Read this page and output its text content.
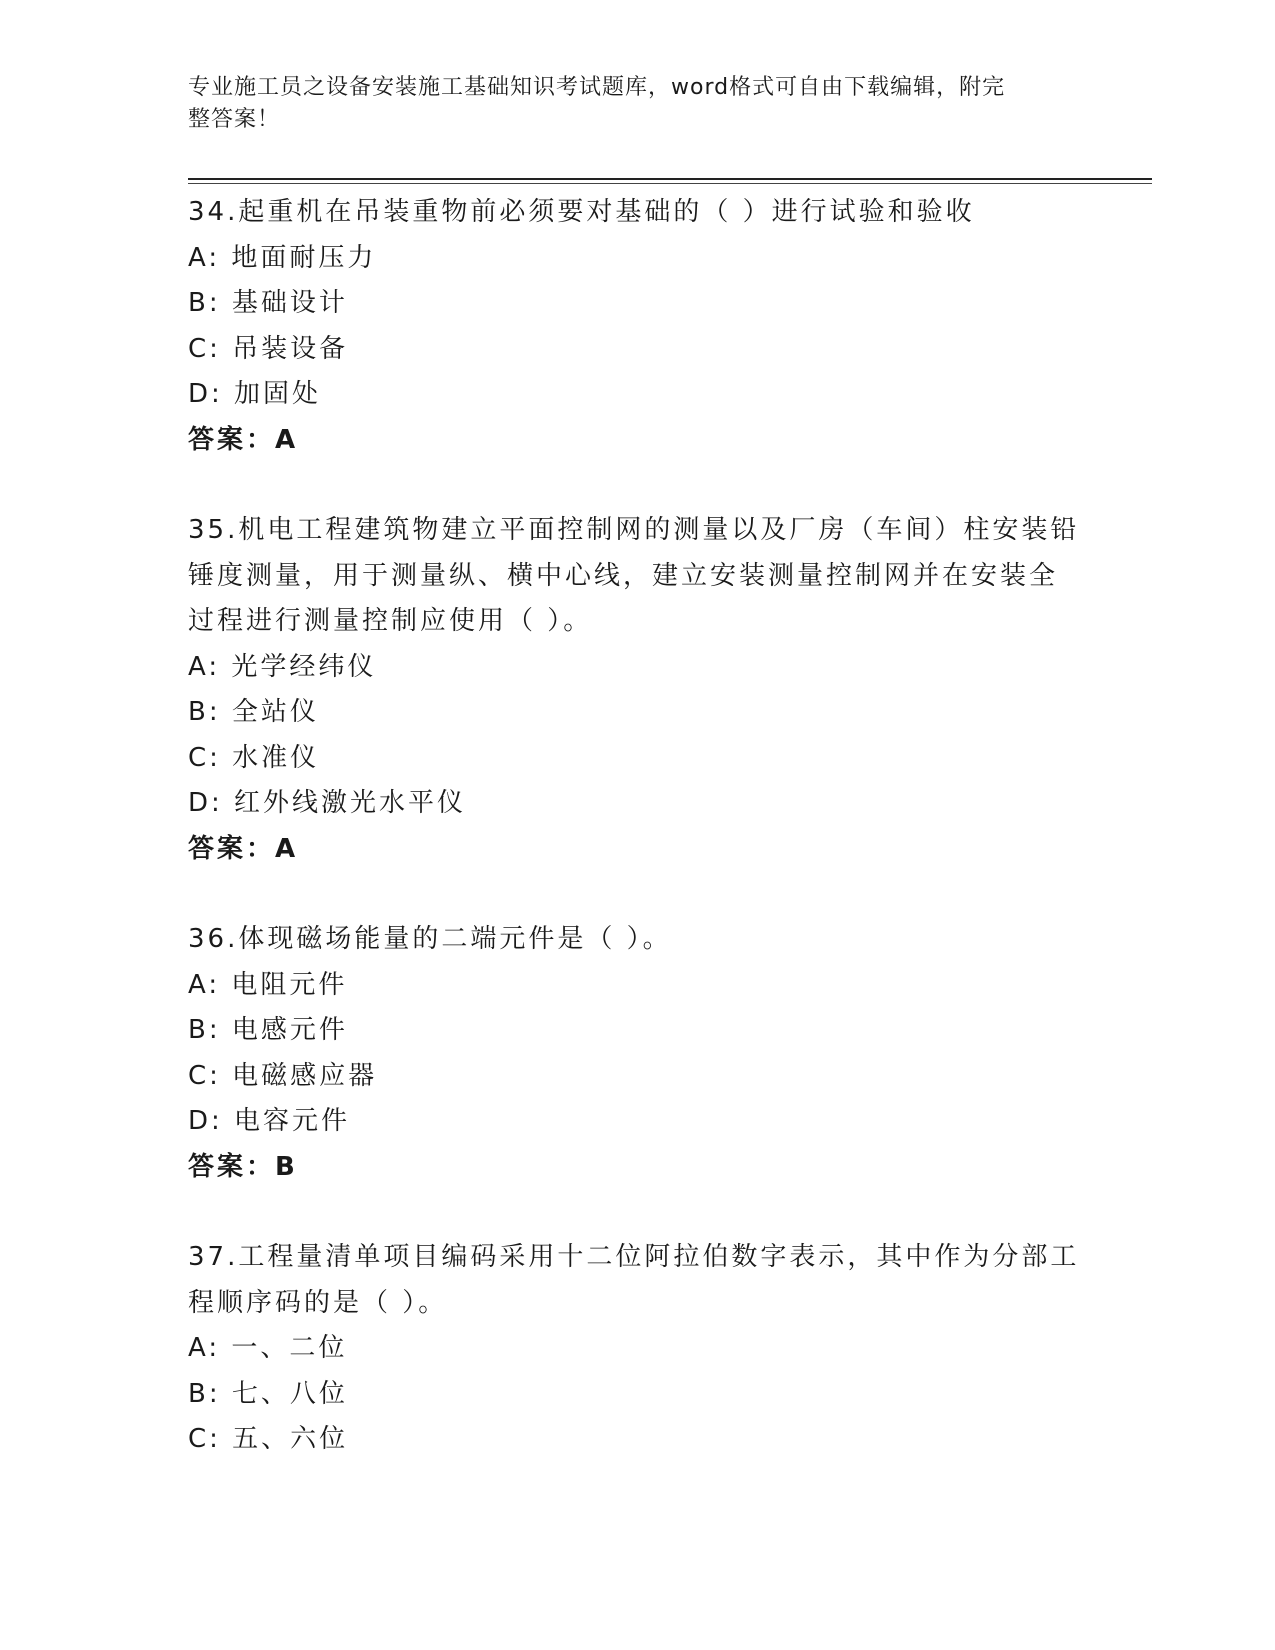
专业施工员之设备安装施工基础知识考试题库，word格式可自由下载编辑，附完
整答案！
34.起重机在吊装重物前必须要对基础的（ ）进行试验和验收
A: 地面耐压力
B: 基础设计
C: 吊装设备
D: 加固处
答案：A
35.机电工程建筑物建立平面控制网的测量以及厂房（车间）柱安装铅
锤度测量，用于测量纵、横中心线，建立安装测量控制网并在安装全
过程进行测量控制应使用（ ）。
A: 光学经纬仪
B: 全站仪
C: 水准仪
D: 红外线激光水平仪
答案：A
36.体现磁场能量的二端元件是（ ）。
A: 电阻元件
B: 电感元件
C: 电磁感应器
D: 电容元件
答案：B
37.工程量清单项目编码采用十二位阿拉伯数字表示，其中作为分部工
程顺序码的是（ ）。
A: 一、二位
B: 七、八位
C: 五、六位
